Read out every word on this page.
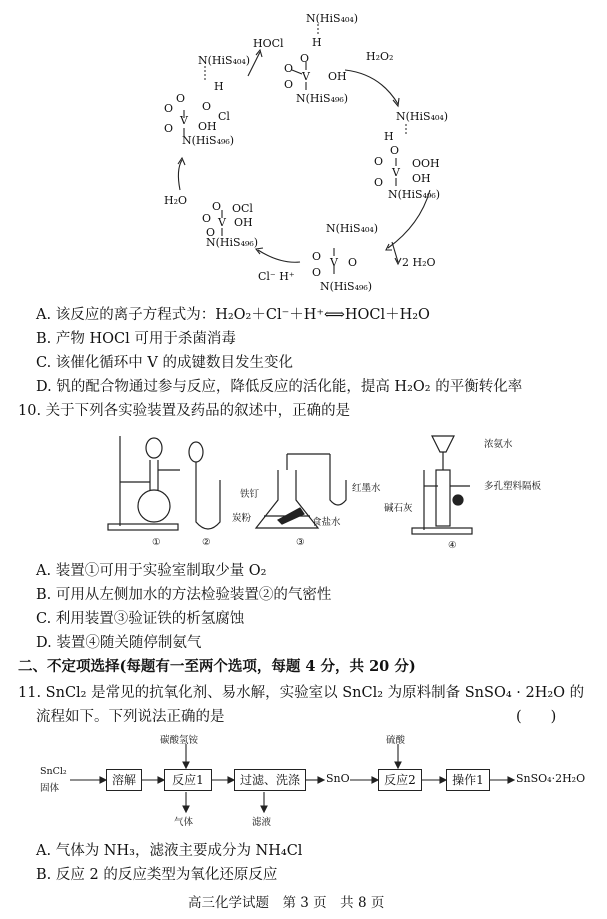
N(HiS₄₀₄)
H
O
O
V OH
O
N(HiS₄₉₆)
HOCl
H₂O₂
N(HiS₄₀₄)
H
O
O
V
OOH
OH
O
N(HiS₄₉₆)
2 H₂O
N(HiS₄₀₄)
O V O
O
N(HiS₄₉₆)
Cl⁻ H⁺
O OCl
O V OH
O
N(HiS₄₉₆)
H₂O
N(HiS₄₀₄)
H
O
O
V
O
Cl
OH
O
N(HiS₄₉₆)
A. 该反应的离子方程式为：H₂O₂＋Cl⁻＋H⁺⟺HOCl＋H₂O
B. 产物 HOCl 可用于杀菌消毒
C. 该催化循环中 V 的成键数目发生变化
D. 钒的配合物通过参与反应，降低反应的活化能，提高 H₂O₂ 的平衡转化率
10. 关于下列各实验装置及药品的叙述中，正确的是
①	②	③	④
铁钉
炭粉
红墨水
食盐水
浓氨水
多孔塑料隔板
碱石灰
A. 装置①可用于实验室制取少量 O₂
B. 可用从左侧加水的方法检验装置②的气密性
C. 利用装置③验证铁的析氢腐蚀
D. 装置④随关随停制氨气
二、不定项选择(每题有一至两个选项，每题 4 分，共 20 分)
11. SnCl₂ 是常见的抗氧化剂、易水解，实验室以 SnCl₂ 为原料制备 SnSO₄ · 2H₂O 的
流程如下。下列说法正确的是	(　　)
SnCl₂
固体
溶解	反应1
碳酸氢铵
过滤、洗涤	SnO	反应2
硫酸
操作1	SnSO₄·2H₂O
气体	滤液
A. 气体为 NH₃，滤液主要成分为 NH₄Cl
B. 反应 2 的反应类型为氧化还原反应
高三化学试题　第 3 页　共 8 页
